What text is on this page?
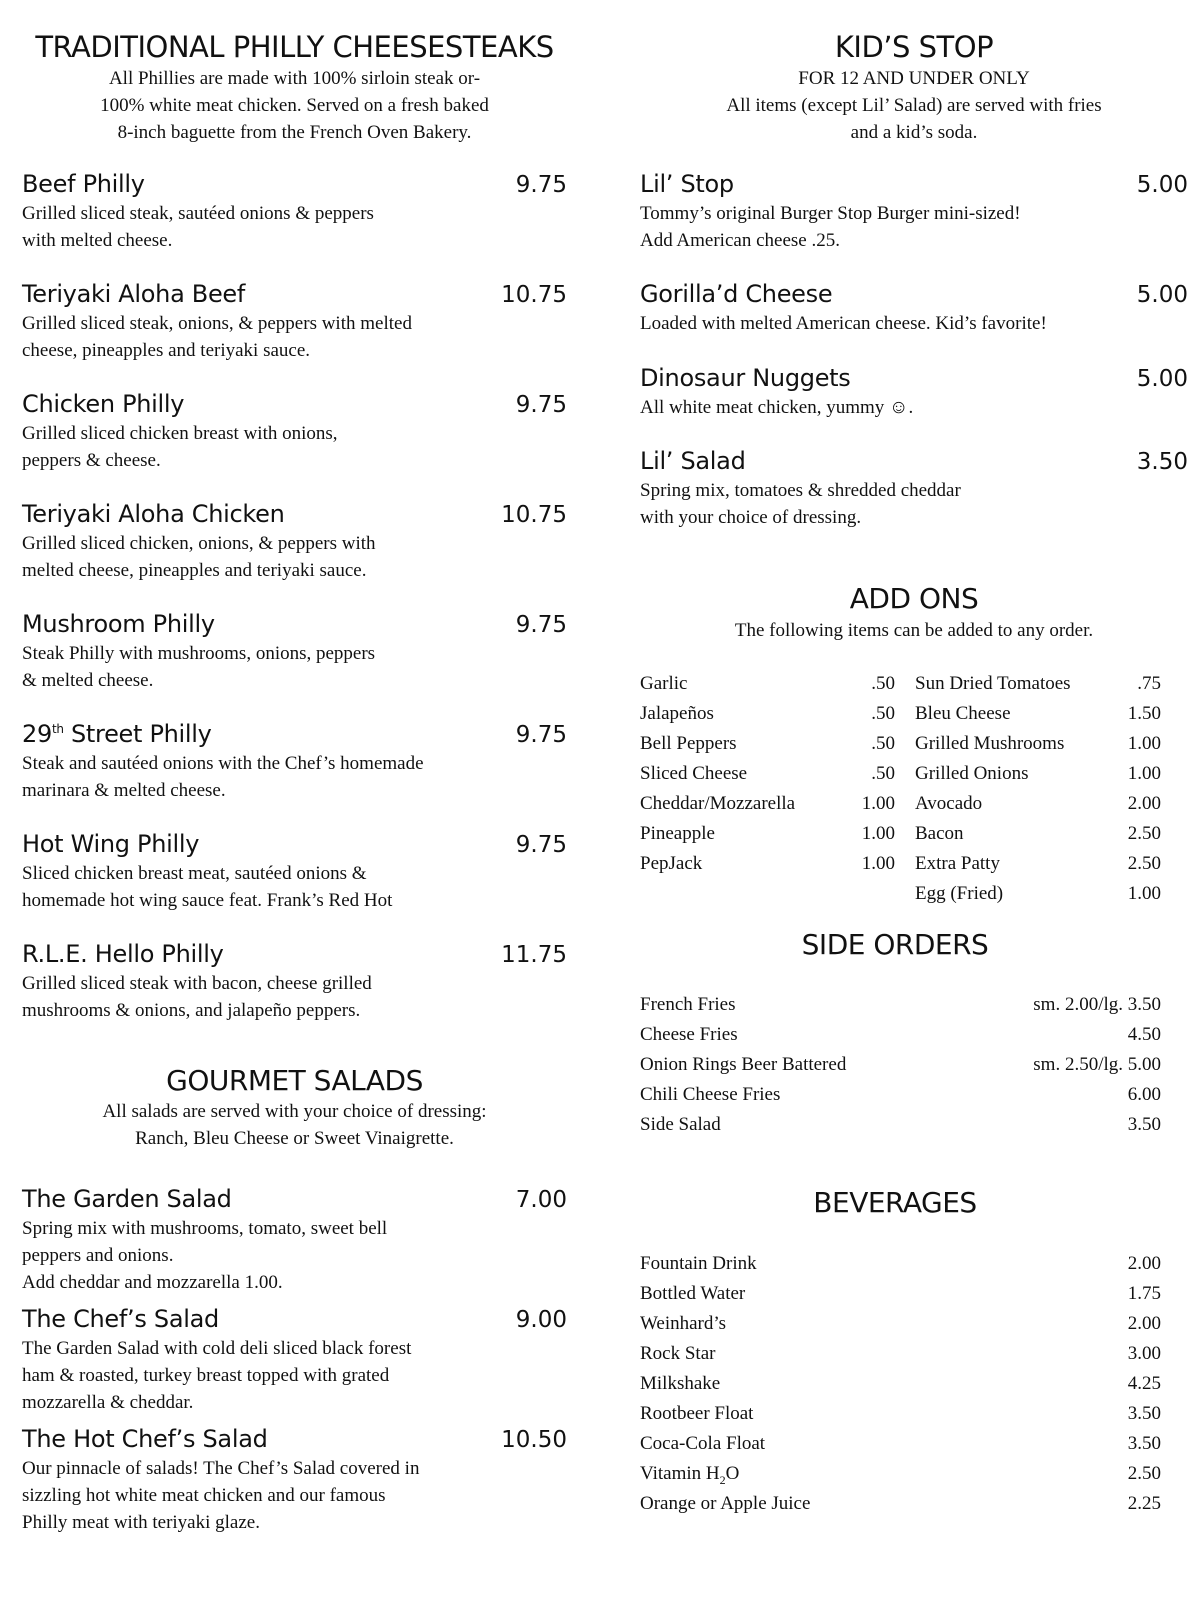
TRADITIONAL PHILLY CHEESESTEAKS

All Phillies are made with 100% sirloin steak or-

100% white meat chicken. Served on a fresh baked

8-inch baguette from the French Oven Bakery.

Beef Philly	9.75
Grilled sliced steak, sautéed onions & peppers
with melted cheese.
Teriyaki Aloha Beef	10.75
Grilled sliced steak, onions, & peppers with melted
cheese, pineapples and teriyaki sauce.
Chicken Philly	9.75
Grilled sliced chicken breast with onions,
peppers & cheese.
Teriyaki Aloha Chicken	10.75
Grilled sliced chicken, onions, & peppers with
melted cheese, pineapples and teriyaki sauce.
Mushroom Philly	9.75
Steak Philly with mushrooms, onions, peppers
& melted cheese.
29th Street Philly	9.75
Steak and sautéed onions with the Chef’s homemade
marinara & melted cheese.
Hot Wing Philly	9.75
Sliced chicken breast meat, sautéed onions &
homemade hot wing sauce feat. Frank’s Red Hot
R.L.E. Hello Philly	11.75
Grilled sliced steak with bacon, cheese grilled
mushrooms & onions, and jalapeño peppers.
GOURMET SALADS

All salads are served with your choice of dressing:

Ranch, Bleu Cheese or Sweet Vinaigrette.

The Garden Salad	7.00
Spring mix with mushrooms, tomato, sweet bell
peppers and onions.
Add cheddar and mozzarella 1.00.
The Chef’s Salad	9.00
The Garden Salad with cold deli sliced black forest
ham & roasted, turkey breast topped with grated
mozzarella & cheddar.
The Hot Chef’s Salad	10.50
Our pinnacle of salads! The Chef’s Salad covered in
sizzling hot white meat chicken and our famous
Philly meat with teriyaki glaze.
KID’S STOP

FOR 12 AND UNDER ONLY

All items (except Lil’ Salad) are served with fries

and a kid’s soda.

Lil’ Stop	5.00
Tommy’s original Burger Stop Burger mini-sized!
Add American cheese .25.
Gorilla’d Cheese	5.00
Loaded with melted American cheese. Kid’s favorite!
Dinosaur Nuggets	5.00
All white meat chicken, yummy ☺.
Lil’ Salad	3.50
Spring mix, tomatoes & shredded cheddar
with your choice of dressing.
ADD ONS

The following items can be added to any order.

Garlic	.50
Jalapeños	.50
Bell Peppers	.50
Sliced Cheese	.50
Cheddar/Mozzarella	1.00
Pineapple	1.00
PepJack	1.00
Sun Dried Tomatoes	.75
Bleu Cheese	1.50
Grilled Mushrooms	1.00
Grilled Onions	1.00
Avocado	2.00
Bacon	2.50
Extra Patty	2.50
Egg (Fried)	1.00
SIDE ORDERS
French Fries	sm. 2.00/lg. 3.50
Cheese Fries	4.50
Onion Rings Beer Battered	sm. 2.50/lg. 5.00
Chili Cheese Fries	6.00
Side Salad	3.50
BEVERAGES
Fountain Drink	2.00
Bottled Water	1.75
Weinhard’s	2.00
Rock Star	3.00
Milkshake	4.25
Rootbeer Float	3.50
Coca-Cola Float	3.50
Vitamin $H_2O$	2.50
Orange or Apple Juice	2.25
